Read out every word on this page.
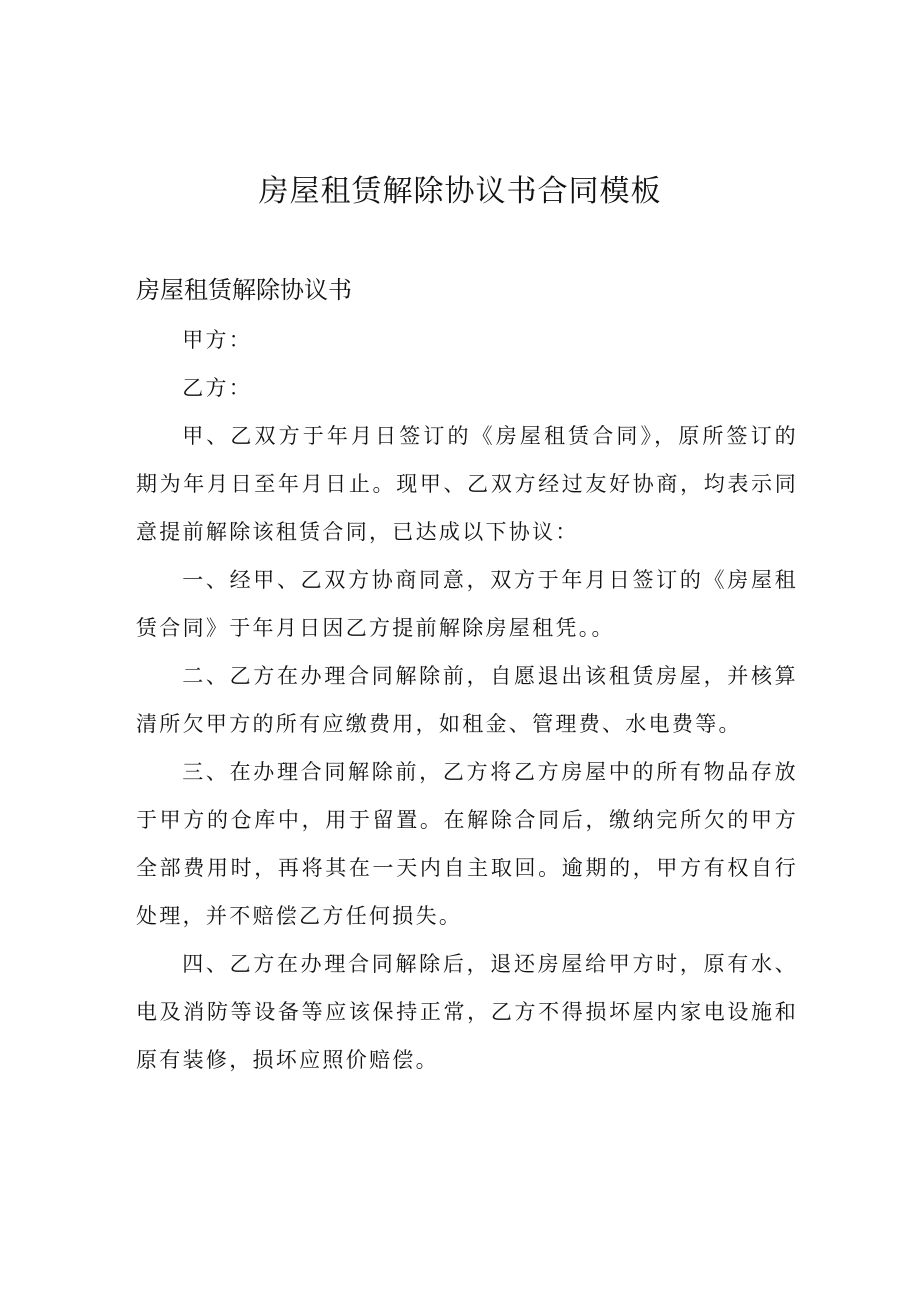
房屋租赁解除协议书合同模板
房屋租赁解除协议书

甲方：

乙方：

甲、乙双方于年月日签订的《房屋租赁合同》，原所签订的期为年月日至年月日止。现甲、乙双方经过友好协商，均表示同意提前解除该租赁合同，已达成以下协议：

一、经甲、乙双方协商同意，双方于年月日签订的《房屋租赁合同》于年月日因乙方提前解除房屋租凭。。

二、乙方在办理合同解除前，自愿退出该租赁房屋，并核算清所欠甲方的所有应缴费用，如租金、管理费、水电费等。

三、在办理合同解除前，乙方将乙方房屋中的所有物品存放于甲方的仓库中，用于留置。在解除合同后，缴纳完所欠的甲方全部费用时，再将其在一天内自主取回。逾期的，甲方有权自行处理，并不赔偿乙方任何损失。

四、乙方在办理合同解除后，退还房屋给甲方时，原有水、电及消防等设备等应该保持正常，乙方不得损坏屋内家电设施和原有装修，损坏应照价赔偿。
